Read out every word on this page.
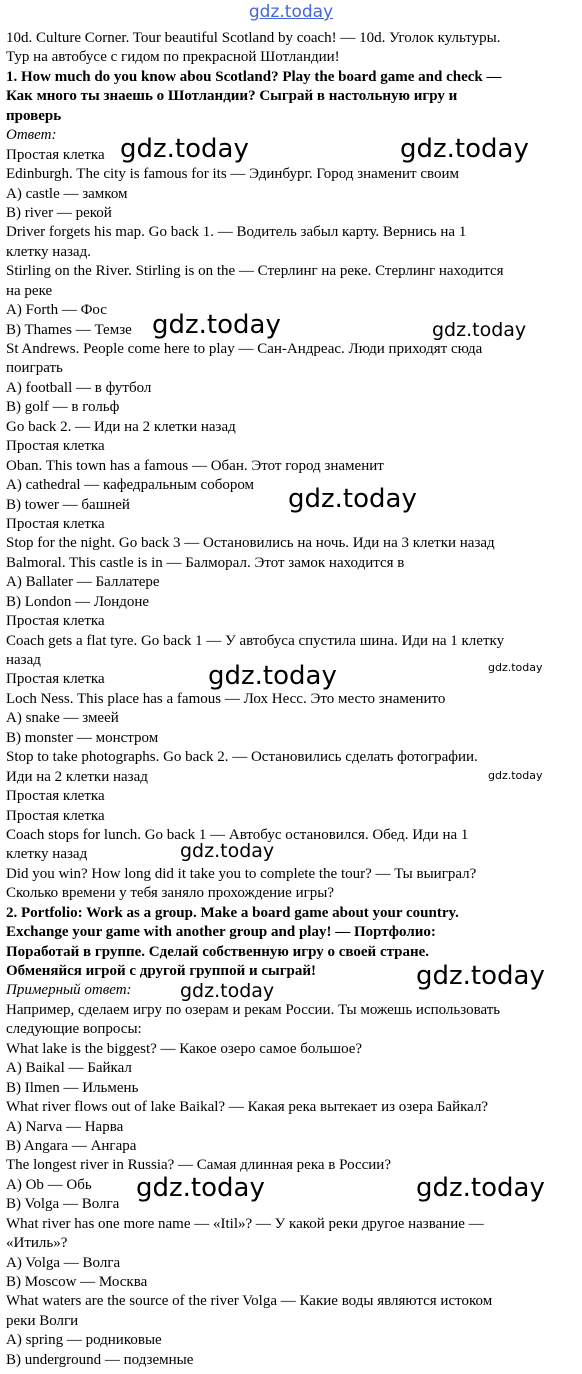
gdz.today
10d. Culture Corner. Tour beautiful Scotland by coach! — 10d. Уголок культуры.
Тур на автобусе с гидом по прекрасной Шотландии!
1. How much do you know abou Scotland? Play the board game and check —
Как много ты знаешь о Шотландии? Сыграй в настольную игру и
проверь
Ответ:
Простая клетка
Edinburgh. The city is famous for its — Эдинбург. Город знаменит своим
A) castle — замком
B) river — рекой
Driver forgets his map. Go back 1. — Водитель забыл карту. Вернись на 1
клетку назад.
Stirling on the River. Stirling is on the — Стерлинг на реке. Стерлинг находится
на реке
A) Forth — Фос
B) Thames — Темзе
St Andrews. People come here to play — Сан-Андреас. Люди приходят сюда
поиграть
A) football — в футбол
B) golf — в гольф
Go back 2. — Иди на 2 клетки назад
Простая клетка
Oban. This town has a famous — Обан. Этот город знаменит
A) cathedral — кафедральным собором
B) tower — башней
Простая клетка
Stop for the night. Go back 3 — Остановились на ночь. Иди на 3 клетки назад
Balmoral. This castle is in — Балморал. Этот замок находится в
A) Ballater — Баллатере
B) London — Лондоне
Простая клетка
Coach gets a flat tyre. Go back 1 — У автобуса спустила шина. Иди на 1 клетку
назад
Простая клетка
Loch Ness. This place has a famous — Лох Несс. Это место знаменито
A) snake — змеей
B) monster — монстром
Stop to take photographs. Go back 2. — Остановились сделать фотографии.
Иди на 2 клетки назад
Простая клетка
Простая клетка
Coach stops for lunch. Go back 1 — Автобус остановился. Обед. Иди на 1
клетку назад
Did you win? How long did it take you to complete the tour? — Ты выиграл?
Сколько времени у тебя заняло прохождение игры?
2. Portfolio: Work as a group. Make a board game about your country.
Exchange your game with another group and play! — Портфолио:
Поработай в группе. Сделай собственную игру о своей стране.
Обменяйся игрой с другой группой и сыграй!
Примерный ответ:
Например, сделаем игру по озерам и рекам России. Ты можешь использовать
следующие вопросы:
What lake is the biggest? — Какое озеро самое большое?
A) Baikal — Байкал
B) Ilmen — Ильмень
What river flows out of lake Baikal? — Какая река вытекает из озера Байкал?
A) Narva — Нарва
B) Angara — Ангара
The longest river in Russia? — Самая длинная река в России?
A) Ob — Обь
B) Volga — Волга
What river has one more name — «Itil»? — У какой реки другое название —
«Итиль»?
A) Volga — Волга
B) Moscow — Москва
What waters are the source of the river Volga — Какие воды являются истоком
реки Волги
A) spring — родниковые
B) underground — подземные
gdz.today	gdz.today
gdz.today	gdz.today
gdz.today
gdz.today	gdz.today
gdz.today
gdz.today
gdz.today
gdz.today
gdz.today	gdz.today
